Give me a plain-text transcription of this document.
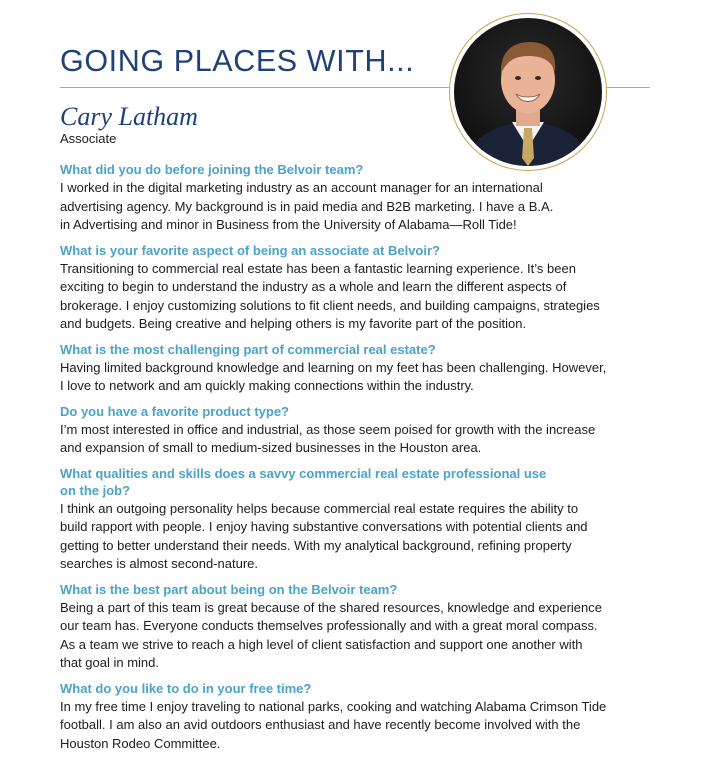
GOING PLACES WITH...
Cary Latham
Associate

What did you do before joining the Belvoir team?

I worked in the digital marketing industry as an account manager for an international
advertising agency. My background is in paid media and B2B marketing. I have a B.A.
in Advertising and minor in Business from the University of Alabama—Roll Tide!

What is your favorite aspect of being an associate at Belvoir?

Transitioning to commercial real estate has been a fantastic learning experience. It’s been
exciting to begin to understand the industry as a whole and learn the different aspects of
brokerage. I enjoy customizing solutions to fit client needs, and building campaigns, strategies
and budgets. Being creative and helping others is my favorite part of the position.

What is the most challenging part of commercial real estate?

Having limited background knowledge and learning on my feet has been challenging. However,
I love to network and am quickly making connections within the industry.

Do you have a favorite product type?

I’m most interested in office and industrial, as those seem poised for growth with the increase
and expansion of small to medium-sized businesses in the Houston area.

What qualities and skills does a savvy commercial real estate professional use
on the job?

I think an outgoing personality helps because commercial real estate requires the ability to
build rapport with people. I enjoy having substantive conversations with potential clients and
getting to better understand their needs. With my analytical background, refining property
searches is almost second-nature.

What is the best part about being on the Belvoir team?

Being a part of this team is great because of the shared resources, knowledge and experience
our team has. Everyone conducts themselves professionally and with a great moral compass.
As a team we strive to reach a high level of client satisfaction and support one another with
that goal in mind.

What do you like to do in your free time?

In my free time I enjoy traveling to national parks, cooking and watching Alabama Crimson Tide
football. I am also an avid outdoors enthusiast and have recently become involved with the
Houston Rodeo Committee.
